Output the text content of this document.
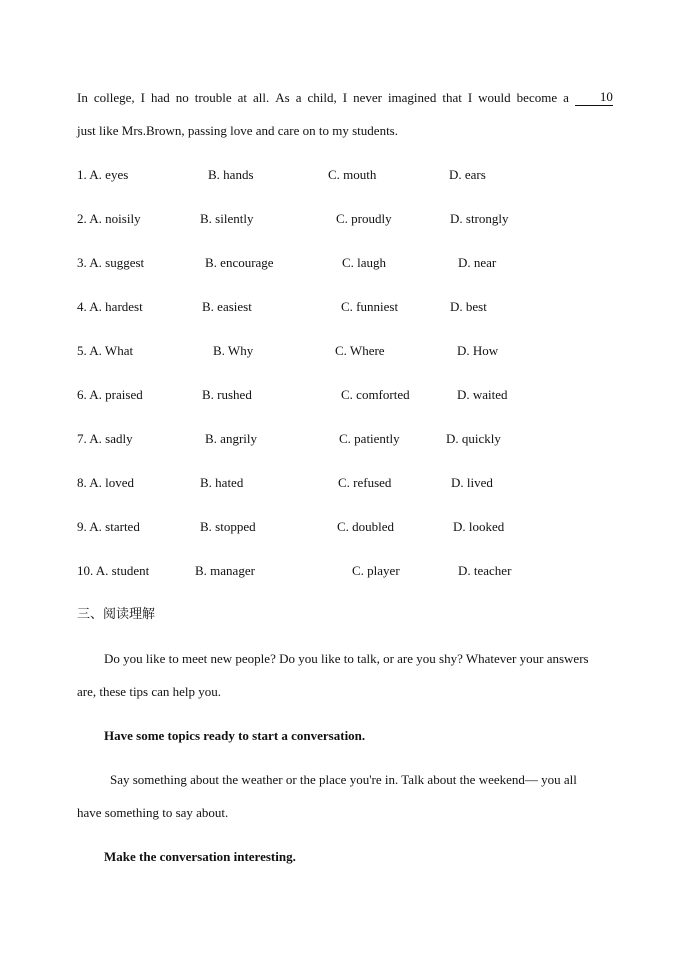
In college, I had no trouble at all. As a child, I never imagined that I would become a	10
just like Mrs.Brown, passing love and care on to my students.
1. A. eyes	B. hands	C. mouth	D. ears
2. A. noisily	B. silently	C. proudly	D. strongly
3. A. suggest	B. encourage	C. laugh	D. near
4. A. hardest	B. easiest	C. funniest	D. best
5. A. What	B. Why	C. Where	D. How
6. A. praised	B. rushed	C. comforted	D. waited
7. A. sadly	B. angrily	C. patiently	D. quickly
8. A. loved	B. hated	C. refused	D. lived
9. A. started	B. stopped	C. doubled	D. looked
10. A. student	B. manager	C. player	D. teacher
三、阅读理解
Do you like to meet new people? Do you like to talk, or are you shy? Whatever your answers
are, these tips can help you.
Have some topics ready to start a conversation.
Say something about the weather or the place you're in. Talk about the weekend— you all
have something to say about.
Make the conversation interesting.
